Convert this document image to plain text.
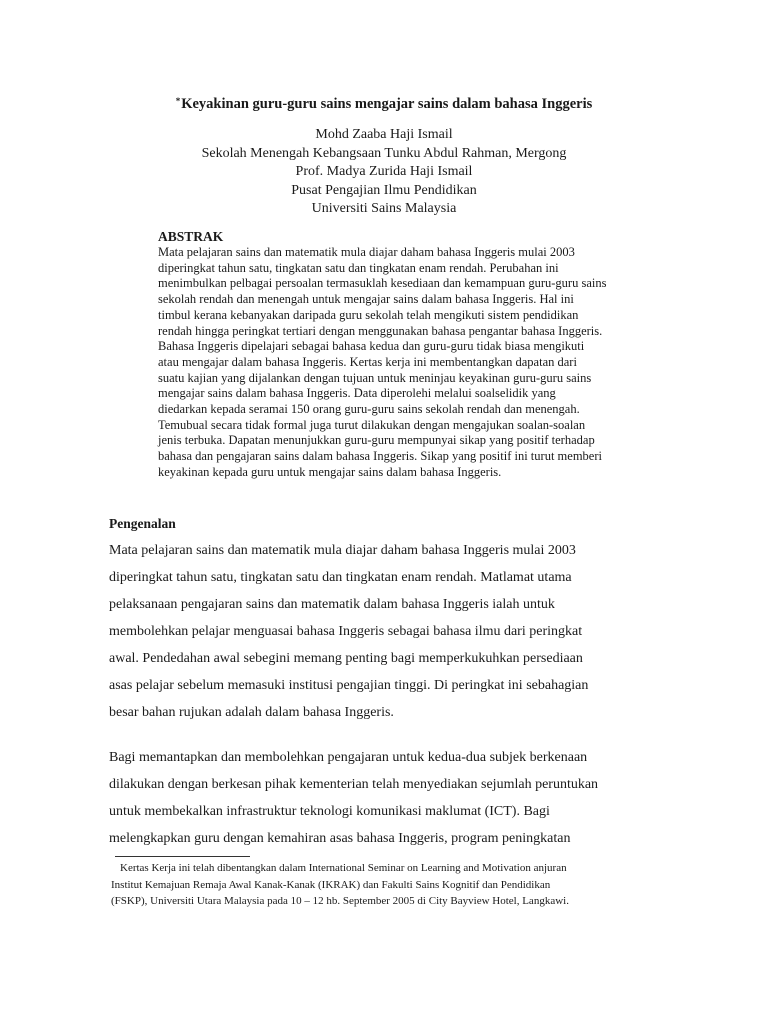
*Keyakinan guru-guru sains mengajar sains dalam bahasa Inggeris
Mohd Zaaba Haji Ismail
Sekolah Menengah Kebangsaan Tunku Abdul Rahman, Mergong
Prof. Madya Zurida Haji Ismail
Pusat Pengajian Ilmu Pendidikan
Universiti Sains Malaysia
ABSTRAK
Mata pelajaran sains dan matematik mula diajar daham bahasa Inggeris mulai 2003
diperingkat tahun satu, tingkatan satu dan tingkatan enam rendah. Perubahan ini
menimbulkan pelbagai persoalan termasuklah kesediaan dan kemampuan guru-guru sains
sekolah rendah dan menengah untuk mengajar sains dalam bahasa Inggeris. Hal ini
timbul kerana kebanyakan daripada guru sekolah telah mengikuti sistem pendidikan
rendah hingga peringkat tertiari dengan menggunakan bahasa pengantar bahasa Inggeris.
Bahasa Inggeris dipelajari sebagai bahasa kedua dan guru-guru tidak biasa mengikuti
atau mengajar dalam bahasa Inggeris. Kertas kerja ini membentangkan dapatan dari
suatu kajian yang dijalankan dengan tujuan untuk meninjau keyakinan guru-guru sains
mengajar sains dalam bahasa Inggeris. Data diperolehi melalui soalselidik yang
diedarkan kepada seramai 150 orang guru-guru sains sekolah rendah dan menengah.
Temubual secara tidak formal juga turut dilakukan dengan mengajukan soalan-soalan
jenis terbuka. Dapatan menunjukkan guru-guru mempunyai sikap yang positif terhadap
bahasa dan pengajaran sains dalam bahasa Inggeris. Sikap yang positif ini turut memberi
keyakinan kepada guru untuk mengajar sains dalam bahasa Inggeris.
Pengenalan
Mata pelajaran sains dan matematik mula diajar daham bahasa Inggeris mulai 2003
diperingkat tahun satu, tingkatan satu dan tingkatan enam rendah. Matlamat utama
pelaksanaan pengajaran sains dan matematik dalam bahasa Inggeris ialah untuk
membolehkan pelajar menguasai bahasa Inggeris sebagai bahasa ilmu dari peringkat
awal. Pendedahan awal sebegini memang penting bagi memperkukuhkan persediaan
asas pelajar sebelum memasuki institusi pengajian tinggi. Di peringkat ini sebahagian
besar bahan rujukan adalah dalam bahasa Inggeris.
Bagi memantapkan dan membolehkan pengajaran untuk kedua-dua subjek berkenaan
dilakukan dengan berkesan pihak kementerian telah menyediakan sejumlah peruntukan
untuk membekalkan infrastruktur teknologi komunikasi maklumat (ICT). Bagi
melengkapkan guru dengan kemahiran asas bahasa Inggeris, program peningkatan
Kertas Kerja ini telah dibentangkan dalam International Seminar on Learning and Motivation anjuran
Institut Kemajuan Remaja Awal Kanak-Kanak (IKRAK) dan Fakulti Sains Kognitif dan Pendidikan
(FSKP), Universiti Utara Malaysia pada 10 – 12 hb. September 2005 di City Bayview Hotel, Langkawi.
